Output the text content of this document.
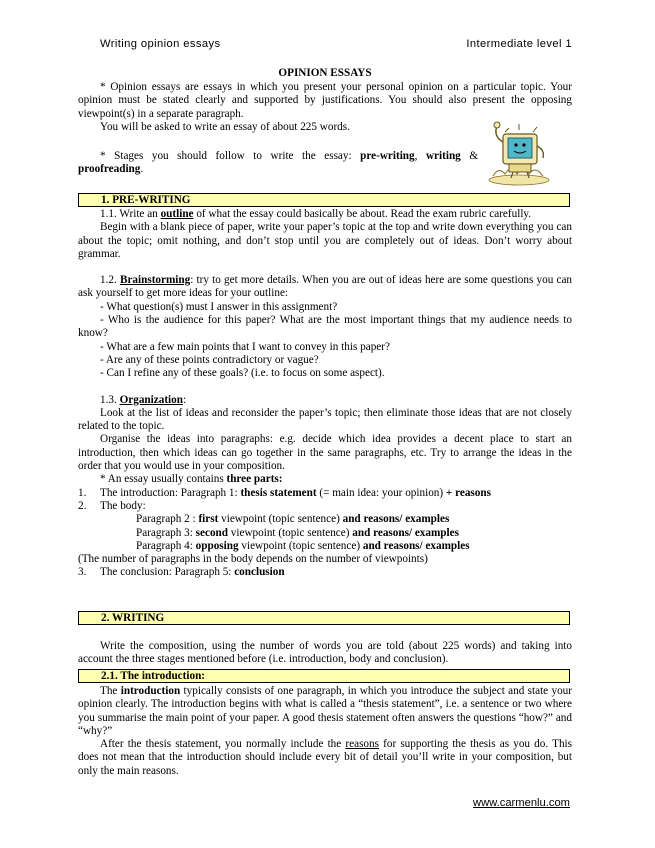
Writing opinion essays	Intermediate level 1
OPINION ESSAYS

* Opinion essays are essays in which you present your personal opinion on a particular topic. Your opinion must be stated clearly and supported by justifications. You should also present the opposing viewpoint(s) in a separate paragraph.

You will be asked to write an essay of about 225 words.

* Stages you should follow to write the essay: pre-writing, writing & proofreading.

1. PRE-WRITING

1.1. Write an outline of what the essay could basically be about. Read the exam rubric carefully.

Begin with a blank piece of paper, write your paper’s topic at the top and write down everything you can about the topic; omit nothing, and don’t stop until you are completely out of ideas. Don’t worry about grammar.

1.2. Brainstorming: try to get more details. When you are out of ideas here are some questions you can ask yourself to get more ideas for your outline:

- What question(s) must I answer in this assignment?

- Who is the audience for this paper? What are the most important things that my audience needs to know?

- What are a few main points that I want to convey in this paper?

- Are any of these points contradictory or vague?

- Can I refine any of these goals? (i.e. to focus on some aspect).

1.3. Organization:

Look at the list of ideas and reconsider the paper’s topic; then eliminate those ideas that are not closely related to the topic.

Organise the ideas into paragraphs: e.g. decide which idea provides a decent place to start an introduction, then which ideas can go together in the same paragraphs, etc. Try to arrange the ideas in the order that you would use in your composition.

* An essay usually contains three parts:

1. The introduction: Paragraph 1: thesis statement (= main idea: your opinion) + reasons

2. The body:

Paragraph 2 : first viewpoint (topic sentence) and reasons/ examples

Paragraph 3: second viewpoint (topic sentence) and reasons/ examples

Paragraph 4: opposing viewpoint (topic sentence) and reasons/ examples

(The number of paragraphs in the body depends on the number of viewpoints)

3. The conclusion: Paragraph 5: conclusion

2. WRITING

Write the composition, using the number of words you are told (about 225 words) and taking into account the three stages mentioned before (i.e. introduction, body and conclusion).

2.1. The introduction:

The introduction typically consists of one paragraph, in which you introduce the subject and state your opinion clearly. The introduction begins with what is called a “thesis statement”, i.e. a sentence or two where you summarise the main point of your paper. A good thesis statement often answers the questions “how?” and “why?”

After the thesis statement, you normally include the reasons for supporting the thesis as you do. This does not mean that the introduction should include every bit of detail you’ll write in your composition, but only the main reasons.

www.carmenlu.com
